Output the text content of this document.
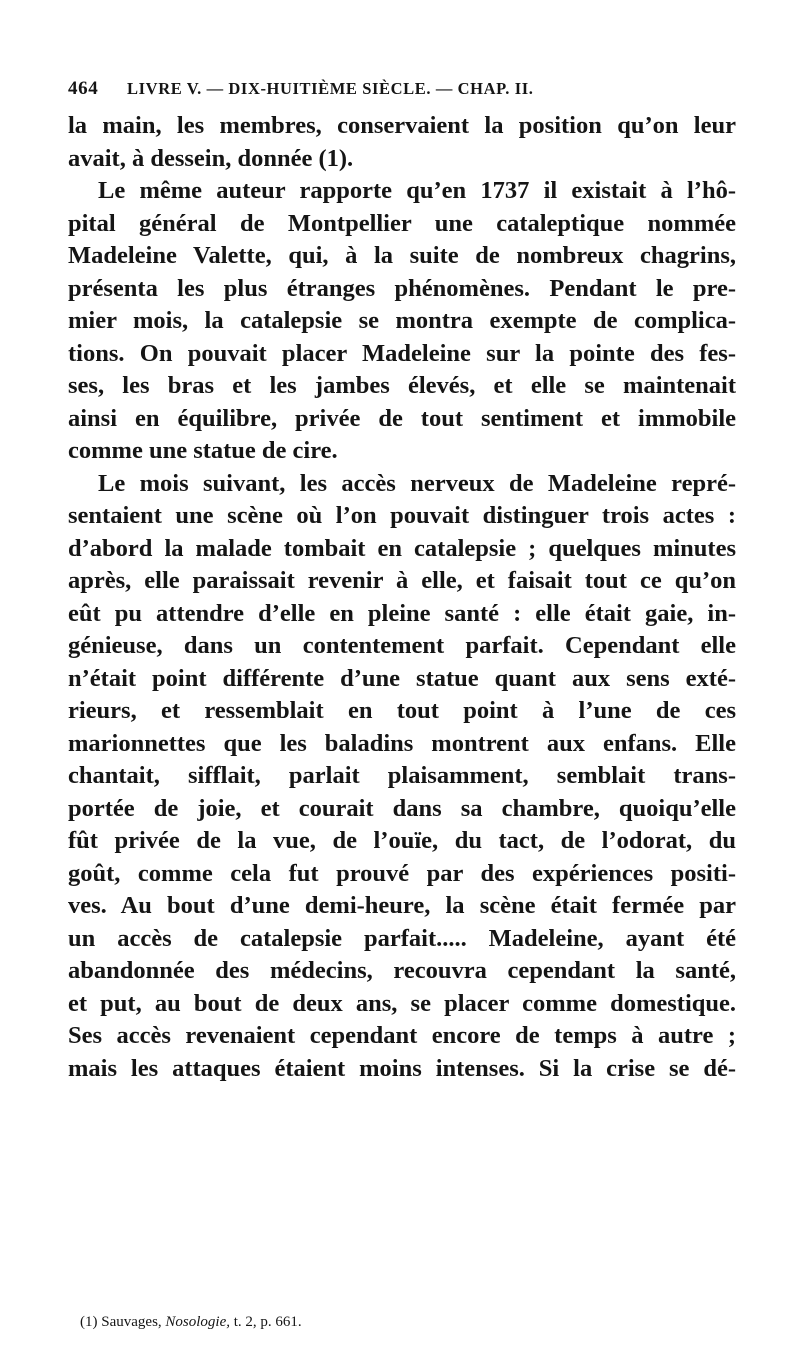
464 LIVRE V. — DIX-HUITIÈME SIÈCLE. — CHAP. II.
la main, les membres, conservaient la position qu’on leur
avait, à dessein, donnée (1).
Le même auteur rapporte qu’en 1737 il existait à l’hô-
pital général de Montpellier une cataleptique nommée
Madeleine Valette, qui, à la suite de nombreux chagrins,
présenta les plus étranges phénomènes. Pendant le pre-
mier mois, la catalepsie se montra exempte de complica-
tions. On pouvait placer Madeleine sur la pointe des fes-
ses, les bras et les jambes élevés, et elle se maintenait
ainsi en équilibre, privée de tout sentiment et immobile
comme une statue de cire.
Le mois suivant, les accès nerveux de Madeleine repré-
sentaient une scène où l’on pouvait distinguer trois actes :
d’abord la malade tombait en catalepsie ; quelques minutes
après, elle paraissait revenir à elle, et faisait tout ce qu’on
eût pu attendre d’elle en pleine santé : elle était gaie, in-
génieuse, dans un contentement parfait. Cependant elle
n’était point différente d’une statue quant aux sens exté-
rieurs, et ressemblait en tout point à l’une de ces
marionnettes que les baladins montrent aux enfans. Elle
chantait, sifflait, parlait plaisamment, semblait trans-
portée de joie, et courait dans sa chambre, quoiqu’elle
fût privée de la vue, de l’ouïe, du tact, de l’odorat, du
goût, comme cela fut prouvé par des expériences positi-
ves. Au bout d’une demi-heure, la scène était fermée par
un accès de catalepsie parfait..... Madeleine, ayant été
abandonnée des médecins, recouvra cependant la santé,
et put, au bout de deux ans, se placer comme domestique.
Ses accès revenaient cependant encore de temps à autre ;
mais les attaques étaient moins intenses. Si la crise se dé-
(1) Sauvages, Nosologie, t. 2, p. 661.
